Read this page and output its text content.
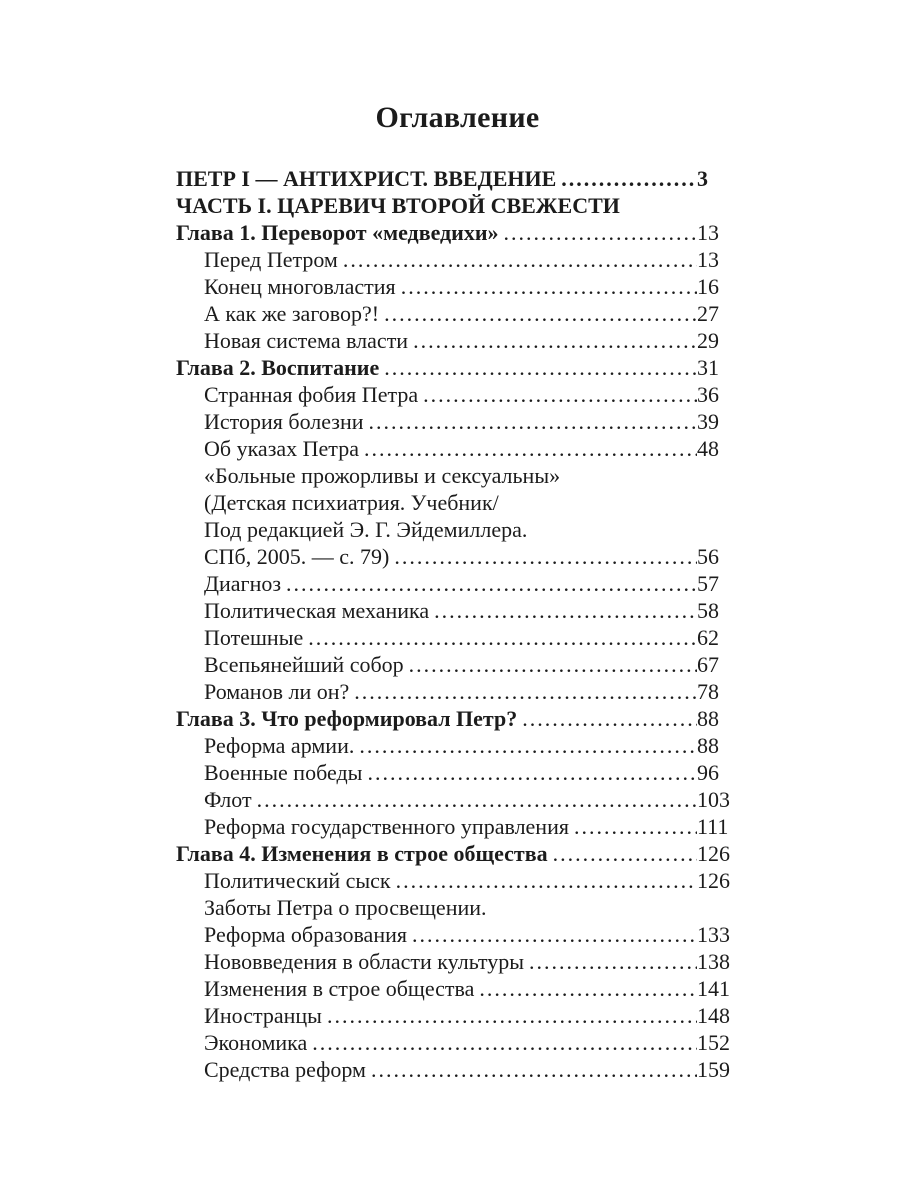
Оглавление
ПЕТР I — АНТИХРИСТ. ВВЕДЕНИЕ .....	3
ЧАСТЬ I. ЦАРЕВИЧ ВТОРОЙ СВЕЖЕСТИ
Глава 1. Переворот «медведихи» .....	13
Перед Петром .....	13
Конец многовластия .....	16
А как же заговор?! .....	27
Новая система власти .....	29
Глава 2. Воспитание .....	31
Странная фобия Петра .....	36
История болезни .....	39
Об указах Петра .....	48
«Больные прожорливы и сексуальны»
(Детская психиатрия. Учебник/
Под редакцией Э. Г. Эйдемиллера.
СПб, 2005. — с. 79) .....	56
Диагноз .....	57
Политическая механика .....	58
Потешные .....	62
Всепьянейший собор .....	67
Романов ли он? .....	78
Глава 3. Что реформировал Петр? .....	88
Реформа армии. .....	88
Военные победы .....	96
Флот .....	103
Реформа государственного управления .....	111
Глава 4. Изменения в строе общества .....	126
Политический сыск .....	126
Заботы Петра о просвещении.
Реформа образования .....	133
Нововведения в области культуры .....	138
Изменения в строе общества .....	141
Иностранцы .....	148
Экономика .....	152
Средства реформ .....	159
